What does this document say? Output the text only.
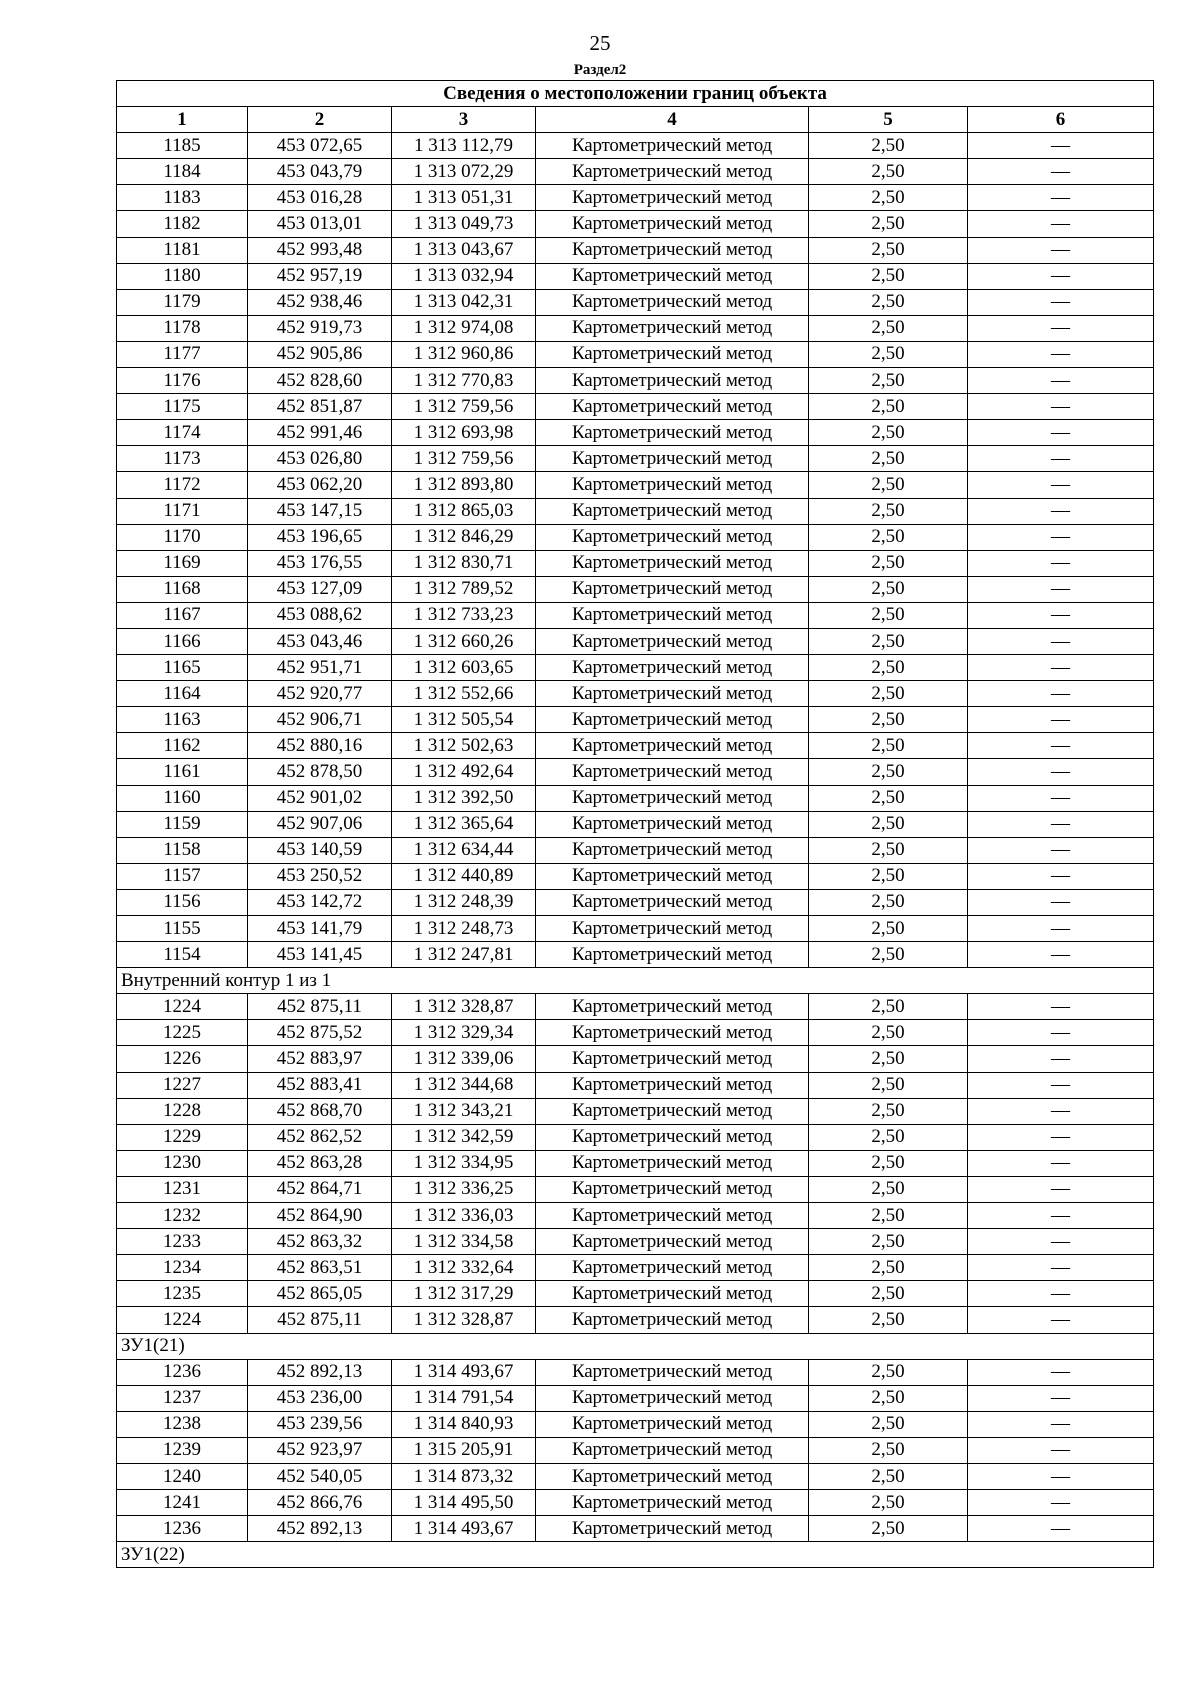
25
Раздел2
Сведения о местоположении границ объекта					
1	2	3	4	5	6
1185	453 072,65	1 313 112,79	Картометрический метод	2,50	—
1184	453 043,79	1 313 072,29	Картометрический метод	2,50	—
1183	453 016,28	1 313 051,31	Картометрический метод	2,50	—
1182	453 013,01	1 313 049,73	Картометрический метод	2,50	—
1181	452 993,48	1 313 043,67	Картометрический метод	2,50	—
1180	452 957,19	1 313 032,94	Картометрический метод	2,50	—
1179	452 938,46	1 313 042,31	Картометрический метод	2,50	—
1178	452 919,73	1 312 974,08	Картометрический метод	2,50	—
1177	452 905,86	1 312 960,86	Картометрический метод	2,50	—
1176	452 828,60	1 312 770,83	Картометрический метод	2,50	—
1175	452 851,87	1 312 759,56	Картометрический метод	2,50	—
1174	452 991,46	1 312 693,98	Картометрический метод	2,50	—
1173	453 026,80	1 312 759,56	Картометрический метод	2,50	—
1172	453 062,20	1 312 893,80	Картометрический метод	2,50	—
1171	453 147,15	1 312 865,03	Картометрический метод	2,50	—
1170	453 196,65	1 312 846,29	Картометрический метод	2,50	—
1169	453 176,55	1 312 830,71	Картометрический метод	2,50	—
1168	453 127,09	1 312 789,52	Картометрический метод	2,50	—
1167	453 088,62	1 312 733,23	Картометрический метод	2,50	—
1166	453 043,46	1 312 660,26	Картометрический метод	2,50	—
1165	452 951,71	1 312 603,65	Картометрический метод	2,50	—
1164	452 920,77	1 312 552,66	Картометрический метод	2,50	—
1163	452 906,71	1 312 505,54	Картометрический метод	2,50	—
1162	452 880,16	1 312 502,63	Картометрический метод	2,50	—
1161	452 878,50	1 312 492,64	Картометрический метод	2,50	—
1160	452 901,02	1 312 392,50	Картометрический метод	2,50	—
1159	452 907,06	1 312 365,64	Картометрический метод	2,50	—
1158	453 140,59	1 312 634,44	Картометрический метод	2,50	—
1157	453 250,52	1 312 440,89	Картометрический метод	2,50	—
1156	453 142,72	1 312 248,39	Картометрический метод	2,50	—
1155	453 141,79	1 312 248,73	Картометрический метод	2,50	—
1154	453 141,45	1 312 247,81	Картометрический метод	2,50	—
Внутренний контур 1 из 1					
1224	452 875,11	1 312 328,87	Картометрический метод	2,50	—
1225	452 875,52	1 312 329,34	Картометрический метод	2,50	—
1226	452 883,97	1 312 339,06	Картометрический метод	2,50	—
1227	452 883,41	1 312 344,68	Картометрический метод	2,50	—
1228	452 868,70	1 312 343,21	Картометрический метод	2,50	—
1229	452 862,52	1 312 342,59	Картометрический метод	2,50	—
1230	452 863,28	1 312 334,95	Картометрический метод	2,50	—
1231	452 864,71	1 312 336,25	Картометрический метод	2,50	—
1232	452 864,90	1 312 336,03	Картометрический метод	2,50	—
1233	452 863,32	1 312 334,58	Картометрический метод	2,50	—
1234	452 863,51	1 312 332,64	Картометрический метод	2,50	—
1235	452 865,05	1 312 317,29	Картометрический метод	2,50	—
1224	452 875,11	1 312 328,87	Картометрический метод	2,50	—
ЗУ1(21)					
1236	452 892,13	1 314 493,67	Картометрический метод	2,50	—
1237	453 236,00	1 314 791,54	Картометрический метод	2,50	—
1238	453 239,56	1 314 840,93	Картометрический метод	2,50	—
1239	452 923,97	1 315 205,91	Картометрический метод	2,50	—
1240	452 540,05	1 314 873,32	Картометрический метод	2,50	—
1241	452 866,76	1 314 495,50	Картометрический метод	2,50	—
1236	452 892,13	1 314 493,67	Картометрический метод	2,50	—
ЗУ1(22)					
